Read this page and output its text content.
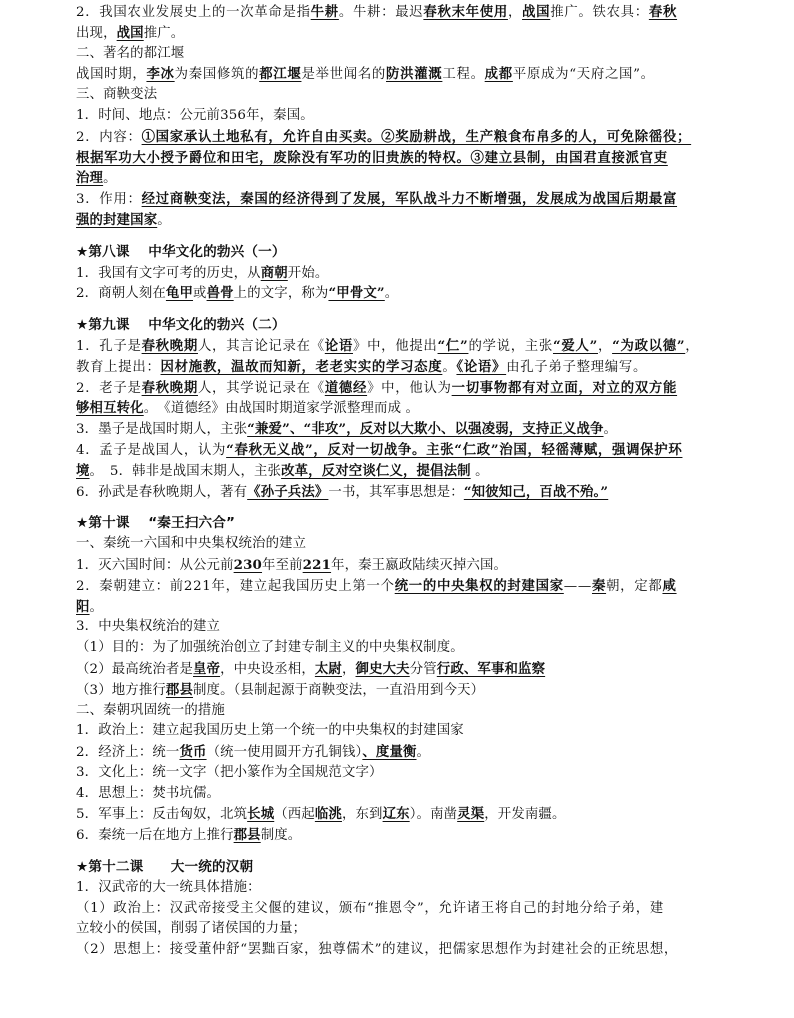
2．我国农业发展史上的一次革命是指牛耕。牛耕：最迟春秋末年使用，战国推广。铁农具：春秋
出现，战国推广。
二、著名的都江堰
战国时期，李冰为秦国修筑的都江堰是举世闻名的防洪灌溉工程。成都平原成为“天府之国”。
三、商鞅变法
1．时间、地点：公元前356年，秦国。
2．内容：①国家承认土地私有，允许自由买卖。②奖励耕战，生产粮食布帛多的人，可免除徭役；
根据军功大小授予爵位和田宅，废除没有军功的旧贵族的特权。③建立县制，由国君直接派官吏
治理。
3．作用：经过商鞅变法，秦国的经济得到了发展，军队战斗力不断增强，发展成为战国后期最富
强的封建国家。
★第八课　 中华文化的勃兴（一）
1．我国有文字可考的历史，从商朝开始。
2．商朝人刻在龟甲或兽骨上的文字，称为“甲骨文”。
★第九课　 中华文化的勃兴（二）
1．孔子是春秋晚期人，其言论记录在《论语》中，他提出“仁”的学说，主张“爱人”，“为政以德”，
教育上提出：因材施教，温故而知新，老老实实的学习态度。《论语》由孔子弟子整理编写。
2．老子是春秋晚期人，其学说记录在《道德经》中，他认为一切事物都有对立面，对立的双方能
够相互转化。　《道德经》由战国时期道家学派整理而成 。
3．墨子是战国时期人，主张“兼爱”、“非攻”，反对以大欺小、以强凌弱，支持正义战争。
4．孟子是战国人，认为“春秋无义战”，反对一切战争。主张“仁政”治国，轻徭薄赋，强调保护环
境。　5．韩非是战国末期人，主张改革，反对空谈仁义，提倡法制 。
6．孙武是春秋晚期人，著有《孙子兵法》一书，其军事思想是：“知彼知己，百战不殆。”
★第十课　 “秦王扫六合”
一、秦统一六国和中央集权统治的建立
1．灭六国时间：从公元前230年至前221年，秦王嬴政陆续灭掉六国。
2．秦朝建立：前221年，建立起我国历史上第一个统一的中央集权的封建国家——秦朝，定都咸
阳。
3．中央集权统治的建立
（1）目的：为了加强统治创立了封建专制主义的中央集权制度。
（2）最高统治者是皇帝，中央设丞相，太尉，御史大夫分管行政、军事和监察
（3）地方推行郡县制度。（县制起源于商鞅变法，一直沿用到今天）
二、秦朝巩固统一的措施
1．政治上：建立起我国历史上第一个统一的中央集权的封建国家
2．经济上：统一货币（统一使用圆开方孔铜钱）、度量衡。
3．文化上：统一文字（把小篆作为全国规范文字）
4．思想上：焚书坑儒。
5．军事上：反击匈奴，北筑长城（西起临洮，东到辽东）。南凿灵渠，开发南疆。
6．秦统一后在地方上推行郡县制度。
★第十二课　　大一统的汉朝
1．汉武帝的大一统具体措施：
（1）政治上：汉武帝接受主父偃的建议，颁布“推恩令”，允许诸王将自己的封地分给子弟，建
立较小的侯国，削弱了诸侯国的力量；
（2）思想上：接受董仲舒“罢黜百家，独尊儒术”的建议，把儒家思想作为封建社会的正统思想，
